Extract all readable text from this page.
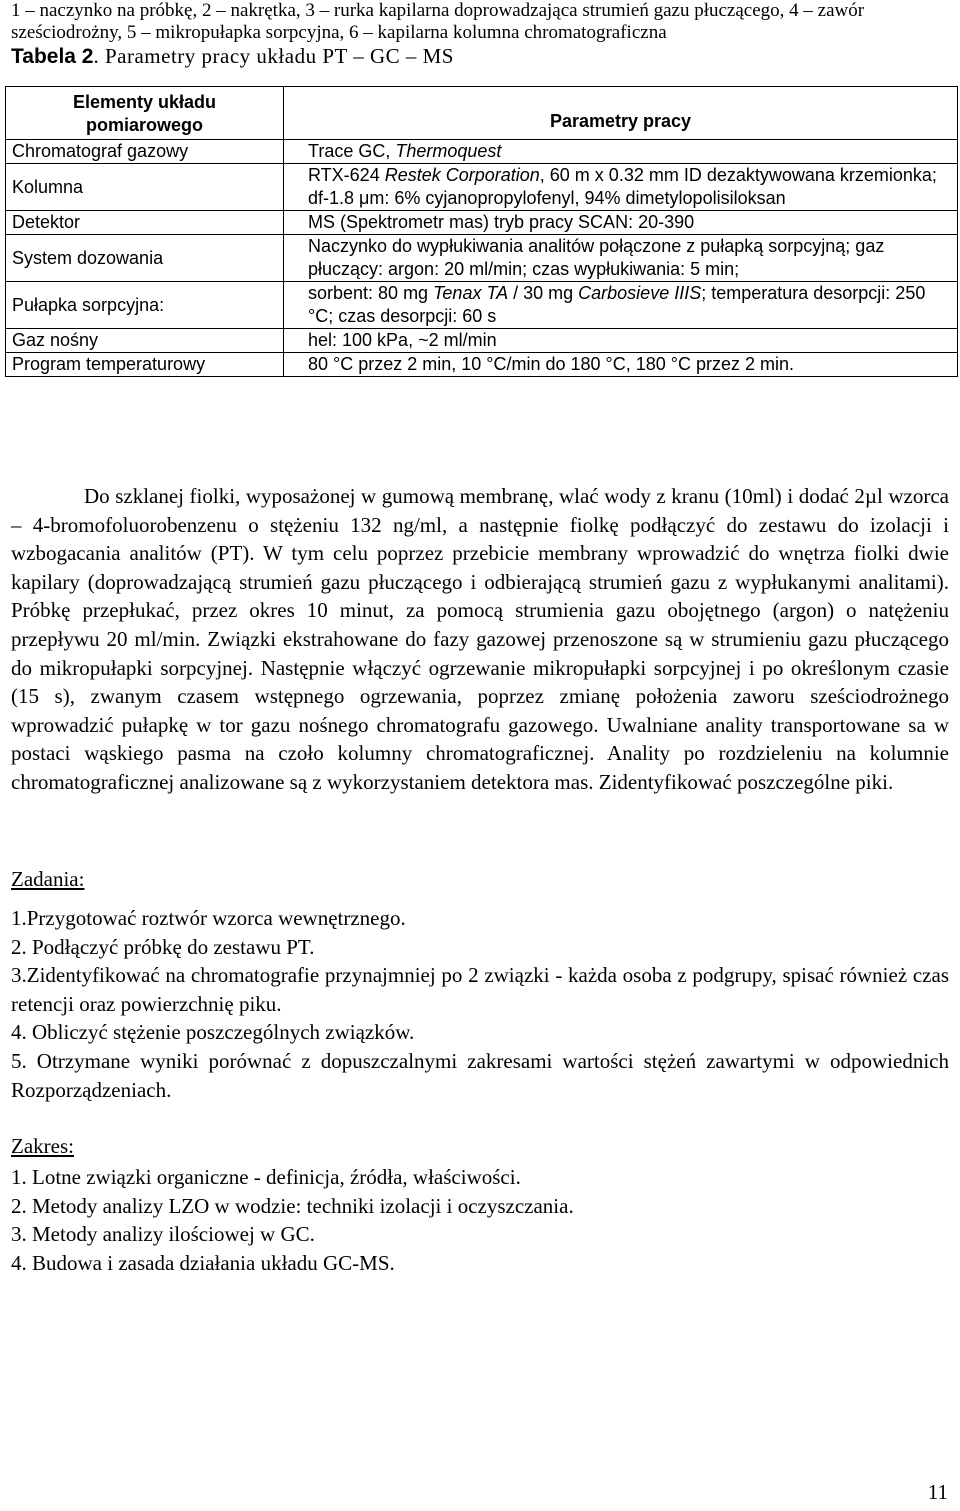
1 – naczynko na próbkę, 2 – nakrętka, 3 – rurka kapilarna doprowadzająca strumień gazu płuczącego, 4 – zawór sześciodrożny, 5 – mikropułapka sorpcyjna, 6 – kapilarna kolumna chromatograficzna
Tabela 2. Parametry pracy układu PT – GC – MS
Elementy układu pomiarowego	Parametry pracy
Chromatograf gazowy	Trace GC, Thermoquest
Kolumna	RTX-624 Restek Corporation, 60 m x 0.32 mm ID dezaktywowana krzemionka; df-1.8 μm: 6% cyjanopropylofenyl, 94% dimetylopolisiloksan
Detektor	MS (Spektrometr mas) tryb pracy SCAN: 20-390
System dozowania	Naczynko do wypłukiwania analitów połączone z pułapką sorpcyjną; gaz płuczący: argon: 20 ml/min; czas wypłukiwania: 5 min;
Pułapka sorpcyjna:	sorbent: 80 mg Tenax TA / 30 mg Carbosieve IIIS; temperatura desorpcji: 250 °C; czas desorpcji: 60 s
Gaz nośny	hel: 100 kPa, ~2 ml/min
Program temperaturowy	80 °C przez 2 min, 10 °C/min do 180 °C, 180 °C przez 2 min.

Do szklanej fiolki, wyposażonej w gumową membranę, wlać wody z kranu (10ml) i dodać 2µl wzorca – 4-bromofoluorobenzenu o stężeniu 132 ng/ml, a następnie fiolkę podłączyć do zestawu do izolacji i wzbogacania analitów (PT). W tym celu poprzez przebicie membrany wprowadzić do wnętrza fiolki dwie kapilary (doprowadzającą strumień gazu płuczącego i odbierającą strumień gazu z wypłukanymi analitami). Próbkę przepłukać, przez okres 10 minut, za pomocą strumienia gazu obojętnego (argon) o natężeniu przepływu 20 ml/min. Związki ekstrahowane do fazy gazowej przenoszone są w strumieniu gazu płuczącego do mikropułapki sorpcyjnej. Następnie włączyć ogrzewanie mikropułapki sorpcyjnej i po określonym czasie (15 s), zwanym czasem wstępnego ogrzewania, poprzez zmianę położenia zaworu sześciodrożnego wprowadzić pułapkę w tor gazu nośnego chromatografu gazowego. Uwalniane anality transportowane sa w postaci wąskiego pasma na czoło kolumny chromatograficznej. Anality po rozdzieleniu na kolumnie chromatograficznej analizowane są z wykorzystaniem detektora mas. Zidentyfikować poszczególne piki.

Zadania:

1.Przygotować roztwór wzorca wewnętrznego.
2. Podłączyć próbkę do zestawu PT.
3.Zidentyfikować na chromatografie przynajmniej po 2 związki - każda osoba z podgrupy, spisać również czas retencji oraz powierzchnię piku.
4. Obliczyć stężenie poszczególnych związków.
5. Otrzymane wyniki porównać z dopuszczalnymi zakresami wartości stężeń zawartymi w odpowiednich Rozporządzeniach.

Zakres:

1. Lotne związki organiczne - definicja, źródła, właściwości.
2. Metody analizy LZO w wodzie: techniki izolacji i oczyszczania.
3. Metody analizy ilościowej w GC.
4. Budowa i zasada działania układu GC-MS.
11
